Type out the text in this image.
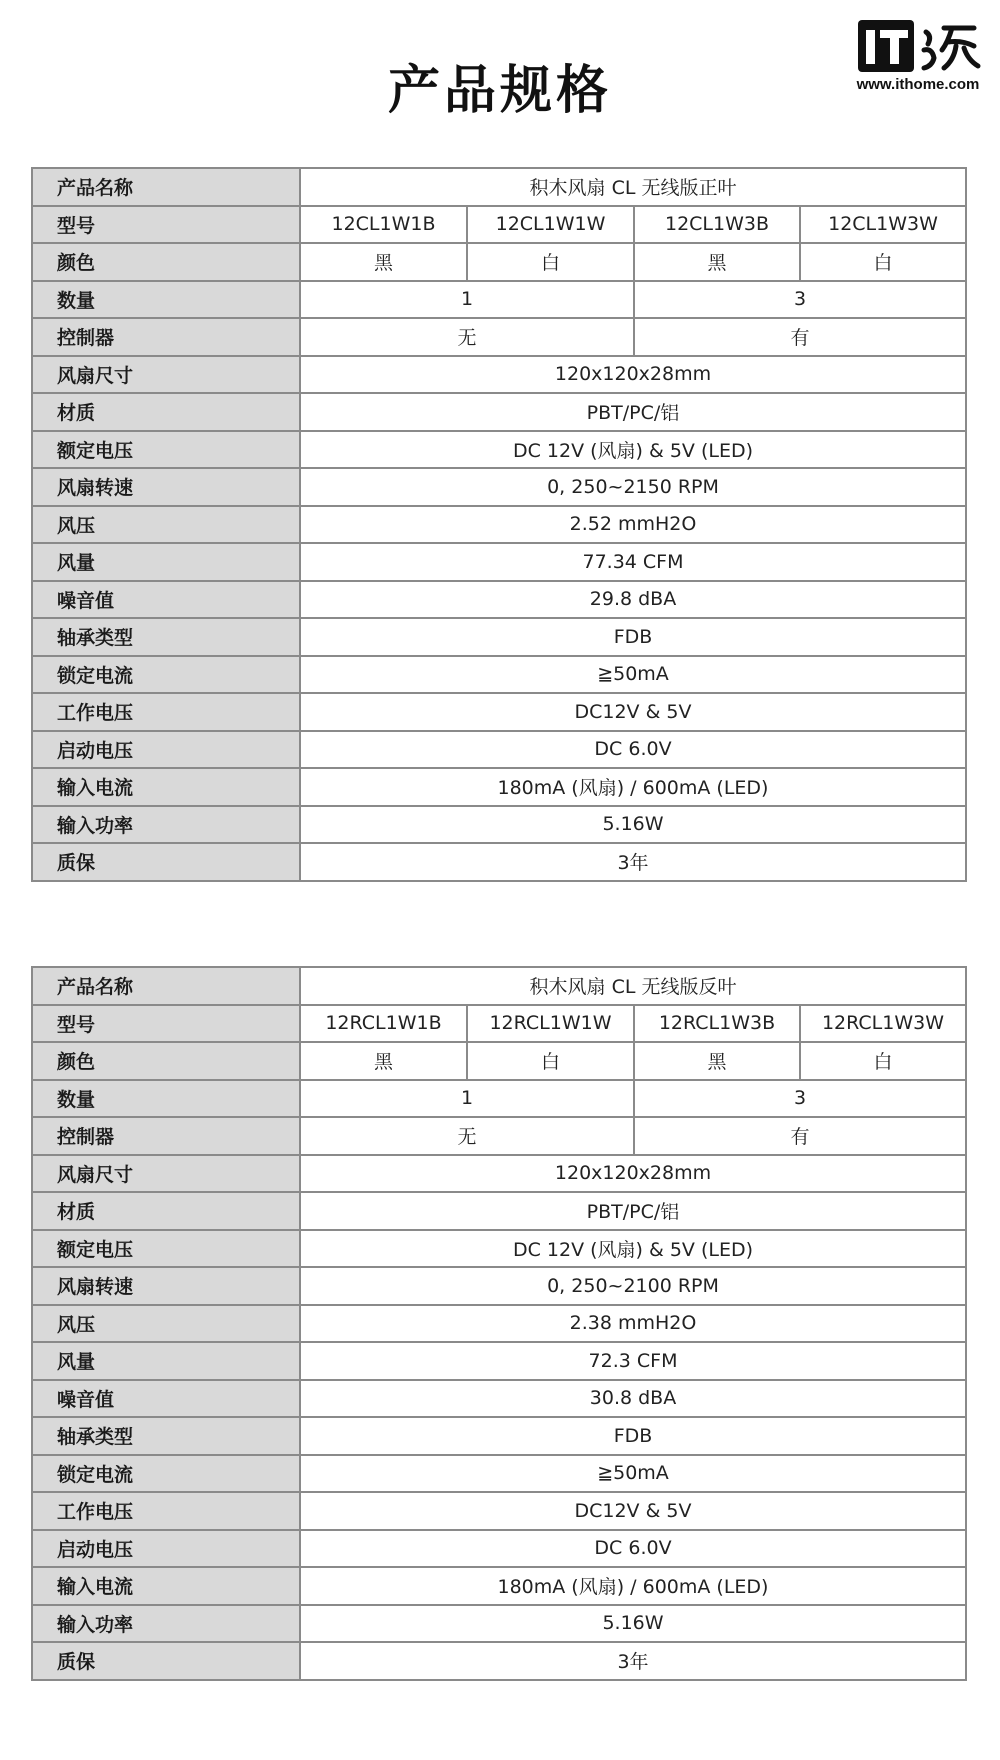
产品规格	www.ithome.com
产品名称	积木风扇 CL 无线版正叶			
型号	12CL1W1B	12CL1W1W	12CL1W3B	12CL1W3W
颜色	黑	白	黑	白
数量	1		3	
控制器	无		有	
风扇尺寸	120x120x28mm			
材质	PBT/PC/铝			
额定电压	DC 12V (风扇) & 5V (LED)			
风扇转速	0, 250~2150 RPM			
风压	2.52 mmH2O			
风量	77.34 CFM			
噪音值	29.8 dBA			
轴承类型	FDB			
锁定电流	≧50mA			
工作电压	DC12V & 5V			
启动电压	DC 6.0V			
输入电流	180mA (风扇) / 600mA (LED)			
输入功率	5.16W			
质保	3年			
产品名称	积木风扇 CL 无线版反叶			
型号	12RCL1W1B	12RCL1W1W	12RCL1W3B	12RCL1W3W
颜色	黑	白	黑	白
数量	1		3	
控制器	无		有	
风扇尺寸	120x120x28mm			
材质	PBT/PC/铝			
额定电压	DC 12V (风扇) & 5V (LED)			
风扇转速	0, 250~2100 RPM			
风压	2.38 mmH2O			
风量	72.3 CFM			
噪音值	30.8 dBA			
轴承类型	FDB			
锁定电流	≧50mA			
工作电压	DC12V & 5V			
启动电压	DC 6.0V			
输入电流	180mA (风扇) / 600mA (LED)			
输入功率	5.16W			
质保	3年			
